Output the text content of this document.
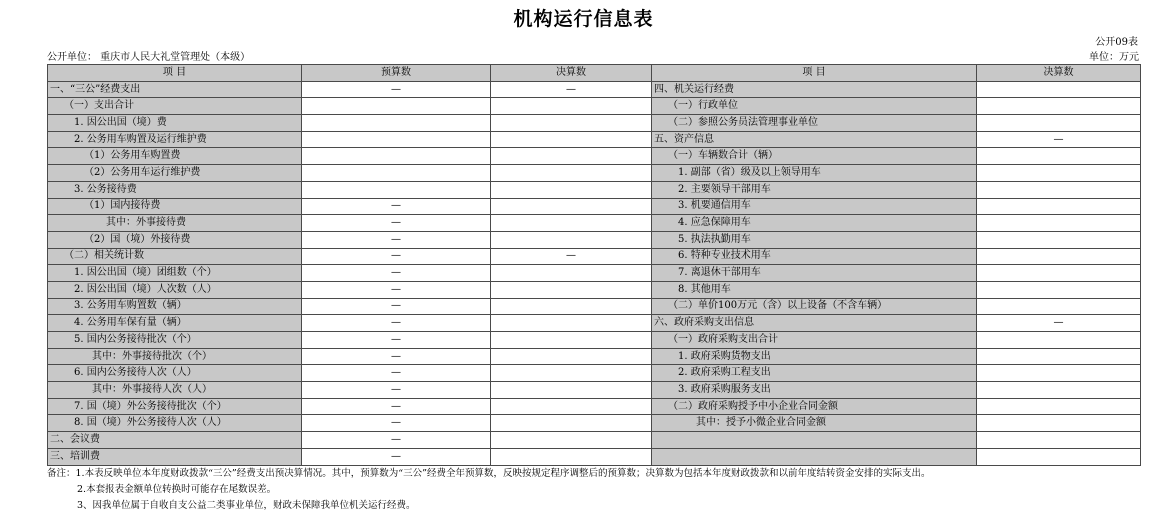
机构运行信息表
公开09表
公开单位： 重庆市人民大礼堂管理处（本级）	单位：万元
项 目	预算数	决算数	项 目	决算数
一、“三公”经费支出	—	—	四、机关运行经费	
（一）支出合计			（一）行政单位	
1. 因公出国（境）费			（二）参照公务员法管理事业单位	
2. 公务用车购置及运行维护费			五、资产信息	—
（1）公务用车购置费			（一）车辆数合计（辆）	
（2）公务用车运行维护费			1. 副部（省）级及以上领导用车	
3. 公务接待费			2. 主要领导干部用车	
（1）国内接待费	—		3. 机要通信用车	
其中：外事接待费	—		4. 应急保障用车	
（2）国（境）外接待费	—		5. 执法执勤用车	
（二）相关统计数	—	—	6. 特种专业技术用车	
1. 因公出国（境）团组数（个）	—		7. 离退休干部用车	
2. 因公出国（境）人次数（人）	—		8. 其他用车	
3. 公务用车购置数（辆）	—		（二）单价100万元（含）以上设备（不含车辆）	
4. 公务用车保有量（辆）	—		六、政府采购支出信息	—
5. 国内公务接待批次（个）	—		（一）政府采购支出合计	
其中：外事接待批次（个）	—		1. 政府采购货物支出	
6. 国内公务接待人次（人）	—		2. 政府采购工程支出	
其中：外事接待人次（人）	—		3. 政府采购服务支出	
7. 国（境）外公务接待批次（个）	—		（二）政府采购授予中小企业合同金额	
8. 国（境）外公务接待人次（人）	—		其中：授予小微企业合同金额	
二、会议费	—			
三、培训费	—			
备注：1.本表反映单位本年度财政拨款“三公”经费支出预决算情况。其中，预算数为“三公”经费全年预算数，反映按规定程序调整后的预算数；决算数为包括本年度财政拨款和以前年度结转资金安排的实际支出。
2.本套报表金额单位转换时可能存在尾数误差。
3、因我单位属于自收自支公益二类事业单位，财政未保障我单位机关运行经费。
